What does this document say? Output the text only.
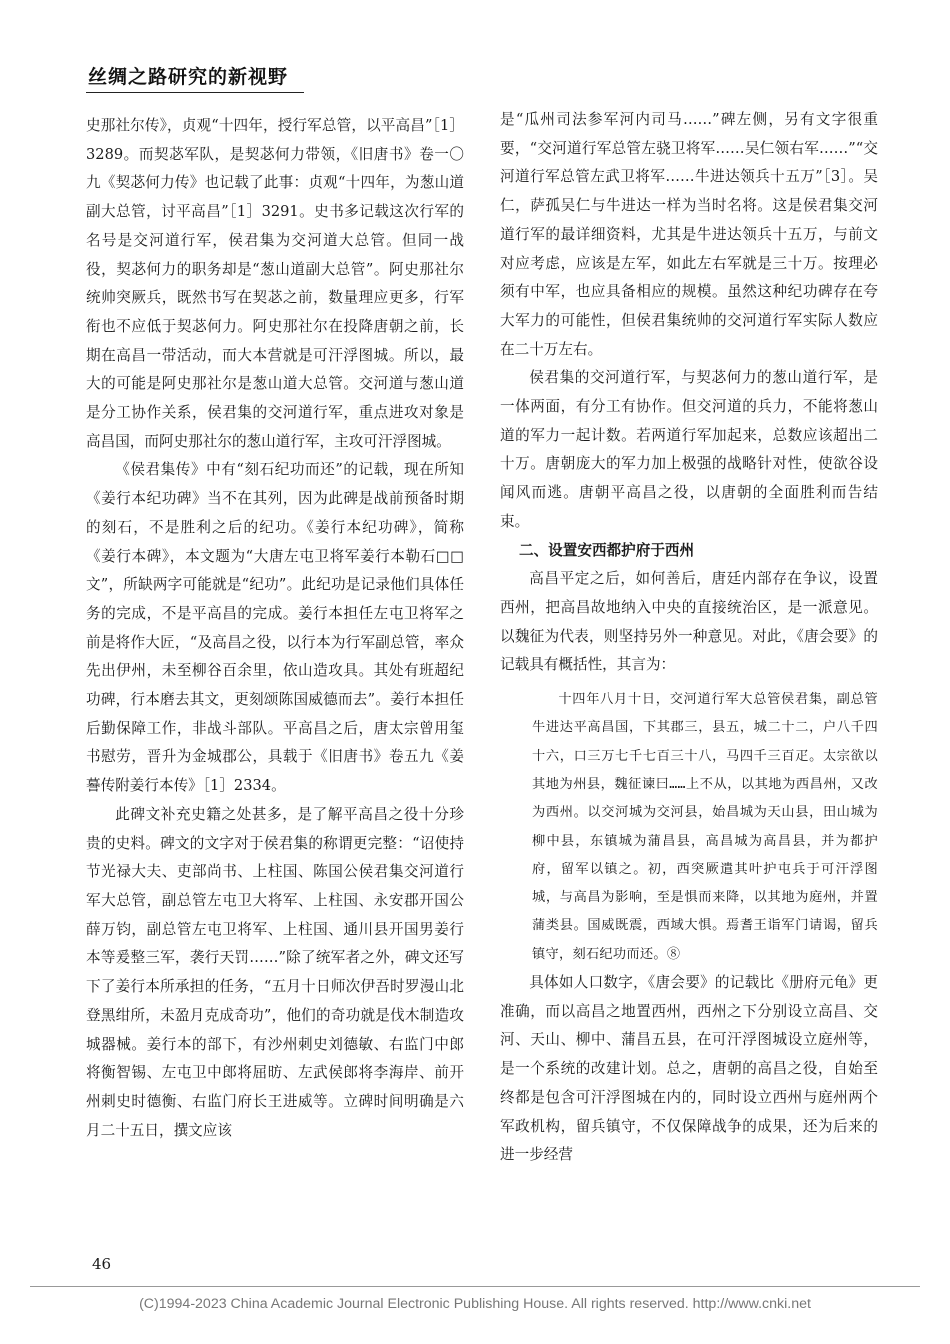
丝绸之路研究的新视野

史那社尔传》，贞观“十四年，授行军总管，以平高昌”［1］3289。而契苾军队，是契苾何力带领，《旧唐书》卷一〇九《契苾何力传》也记载了此事：贞观“十四年，为葱山道副大总管，讨平高昌”［1］3291。史书多记载这次行军的名号是交河道行军，侯君集为交河道大总管。但同一战役，契苾何力的职务却是“葱山道副大总管”。阿史那社尔统帅突厥兵，既然书写在契苾之前，数量理应更多，行军衔也不应低于契苾何力。阿史那社尔在投降唐朝之前，长期在高昌一带活动，而大本营就是可汗浮图城。所以，最大的可能是阿史那社尔是葱山道大总管。交河道与葱山道是分工协作关系，侯君集的交河道行军，重点进攻对象是高昌国，而阿史那社尔的葱山道行军，主攻可汗浮图城。

《侯君集传》中有“刻石纪功而还”的记载，现在所知《姜行本纪功碑》当不在其列，因为此碑是战前预备时期的刻石，不是胜利之后的纪功。《姜行本纪功碑》，简称《姜行本碑》，本文题为“大唐左屯卫将军姜行本勒石□□文”，所缺两字可能就是“纪功”。此纪功是记录他们具体任务的完成，不是平高昌的完成。姜行本担任左屯卫将军之前是将作大匠，“及高昌之役，以行本为行军副总管，率众先出伊州，未至柳谷百余里，依山造攻具。其处有班超纪功碑，行本磨去其文，更刻颂陈国威德而去”。姜行本担任后勤保障工作，非战斗部队。平高昌之后，唐太宗曾用玺书慰劳，晋升为金城郡公，具载于《旧唐书》卷五九《姜謩传附姜行本传》［1］2334。

此碑文补充史籍之处甚多，是了解平高昌之役十分珍贵的史料。碑文的文字对于侯君集的称谓更完整：“诏使持节光禄大夫、吏部尚书、上柱国、陈国公侯君集交河道行军大总管，副总管左屯卫大将军、上柱国、永安郡开国公薛万钧，副总管左屯卫将军、上柱国、通川县开国男姜行本等爰整三军，袭行天罚……”除了统军者之外，碑文还写下了姜行本所承担的任务，“五月十日师次伊吾时罗漫山北登黑绀所，未盈月克成奇功”，他们的奇功就是伐木制造攻城器械。姜行本的部下，有沙州刺史刘德敏、右监门中郎将衡智锡、左屯卫中郎将屈昉、左武侯郎将李海岸、前开州刺史时德衡、右监门府长王进威等。立碑时间明确是六月二十五日，撰文应该

是“瓜州司法参军河内司马……”碑左侧，另有文字很重要，“交河道行军总管左骁卫将军……吴仁领右军……”“交河道行军总管左武卫将军……牛进达领兵十五万”［3］。吴仁，萨孤吴仁与牛进达一样为当时名将。这是侯君集交河道行军的最详细资料，尤其是牛进达领兵十五万，与前文对应考虑，应该是左军，如此左右军就是三十万。按理必须有中军，也应具备相应的规模。虽然这种纪功碑存在夸大军力的可能性，但侯君集统帅的交河道行军实际人数应在二十万左右。

侯君集的交河道行军，与契苾何力的葱山道行军，是一体两面，有分工有协作。但交河道的兵力，不能将葱山道的军力一起计数。若两道行军加起来，总数应该超出二十万。唐朝庞大的军力加上极强的战略针对性，使欲谷设闻风而逃。唐朝平高昌之役，以唐朝的全面胜利而告结束。

二、设置安西都护府于西州

高昌平定之后，如何善后，唐廷内部存在争议，设置西州，把高昌故地纳入中央的直接统治区，是一派意见。以魏征为代表，则坚持另外一种意见。对此，《唐会要》的记载具有概括性，其言为：

十四年八月十日，交河道行军大总管侯君集，副总管牛进达平高昌国，下其郡三，县五，城二十二，户八千四十六，口三万七千七百三十八，马四千三百疋。太宗欲以其地为州县，魏征谏曰……上不从，以其地为西昌州，又改为西州。以交河城为交河县，始昌城为天山县，田山城为柳中县，东镇城为蒲昌县，高昌城为高昌县，并为都护府，留军以镇之。初，西突厥遣其叶护屯兵于可汗浮图城，与高昌为影响，至是惧而来降，以其地为庭州，并置蒲类县。国威既震，西域大惧。焉耆王诣军门请谒，留兵镇守，刻石纪功而还。⑧

具体如人口数字，《唐会要》的记载比《册府元龟》更准确，而以高昌之地置西州，西州之下分别设立高昌、交河、天山、柳中、蒲昌五县，在可汗浮图城设立庭州等，是一个系统的改建计划。总之，唐朝的高昌之役，自始至终都是包含可汗浮图城在内的，同时设立西州与庭州两个军政机构，留兵镇守，不仅保障战争的成果，还为后来的进一步经营

46
(C)1994-2023 China Academic Journal Electronic Publishing House. All rights reserved. http://www.cnki.net
